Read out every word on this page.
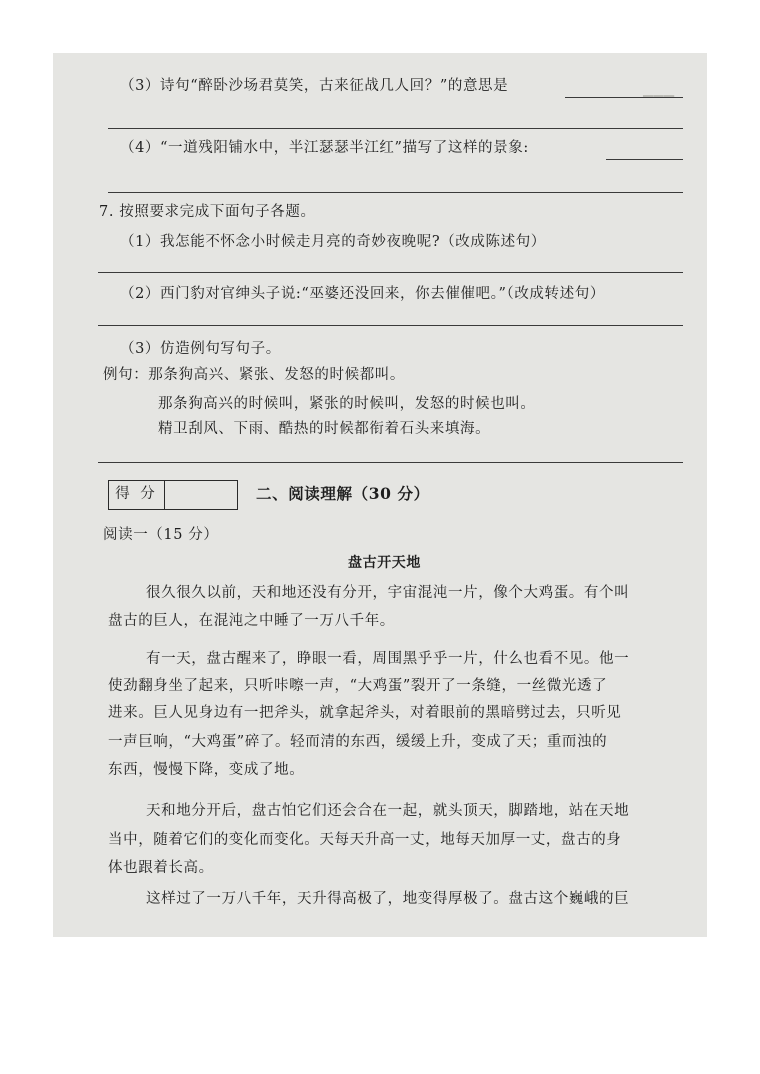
▁▁▁
（3）诗句“醉卧沙场君莫笑，古来征战几人回？”的意思是
（4）“一道残阳铺水中，半江瑟瑟半江红”描写了这样的景象:
7. 按照要求完成下面句子各题。
（1）我怎能不怀念小时候走月亮的奇妙夜晚呢?（改成陈述句）
（2）西门豹对官绅头子说:“巫婆还没回来，你去催催吧。”（改成转述句）
（3）仿造例句写句子。
例句：那条狗高兴、紧张、发怒的时候都叫。
那条狗高兴的时候叫，紧张的时候叫，发怒的时候也叫。
精卫刮风、下雨、酷热的时候都衔着石头来填海。
得 分	二、阅读理解（30 分）
阅读一（15 分）
盘古开天地
很久很久以前，天和地还没有分开，宇宙混沌一片，像个大鸡蛋。有个叫
盘古的巨人，在混沌之中睡了一万八千年。
有一天，盘古醒来了，睁眼一看，周围黑乎乎一片，什么也看不见。他一
使劲翻身坐了起来，只听咔嚓一声，“大鸡蛋”裂开了一条缝，一丝微光透了
进来。巨人见身边有一把斧头，就拿起斧头，对着眼前的黑暗劈过去，只听见
一声巨响，“大鸡蛋”碎了。轻而清的东西，缓缓上升，变成了天；重而浊的
东西，慢慢下降，变成了地。
天和地分开后，盘古怕它们还会合在一起，就头顶天，脚踏地，站在天地
当中，随着它们的变化而变化。天每天升高一丈，地每天加厚一丈，盘古的身
体也跟着长高。
这样过了一万八千年，天升得高极了，地变得厚极了。盘古这个巍峨的巨
